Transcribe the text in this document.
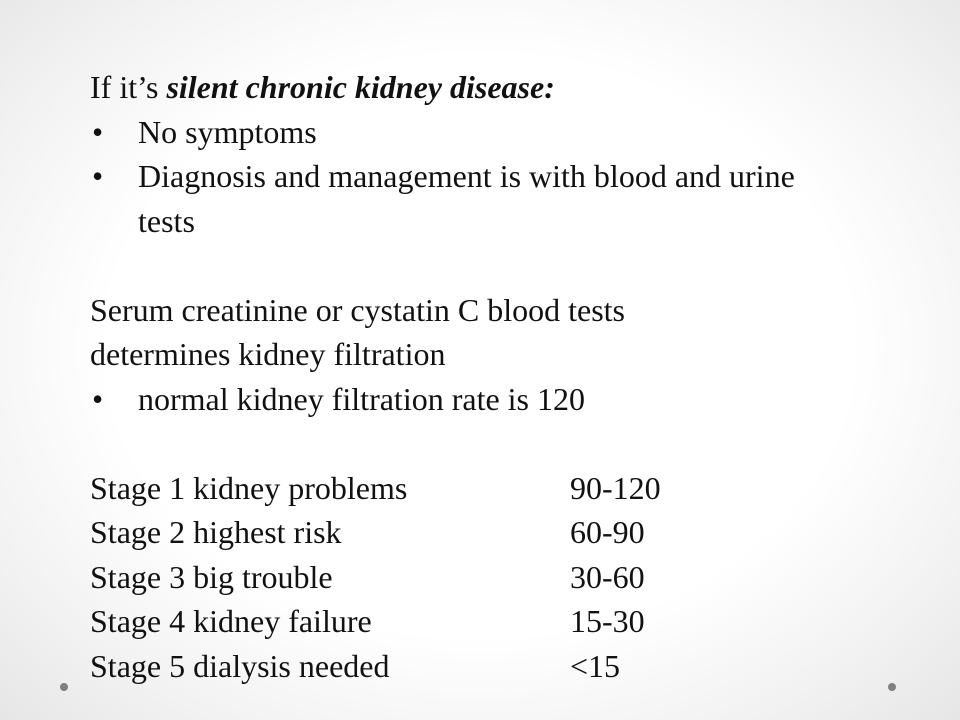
If it’s silent chronic kidney disease:
•	No symptoms
•	Diagnosis and management is with blood and urine tests
Serum creatinine or cystatin C blood tests
determines kidney filtration
•	normal kidney filtration rate is 120
Stage 1 kidney problems	90-120
Stage 2 highest risk	60-90
Stage 3 big trouble	30-60
Stage 4 kidney failure	15-30
Stage 5 dialysis needed	<15
